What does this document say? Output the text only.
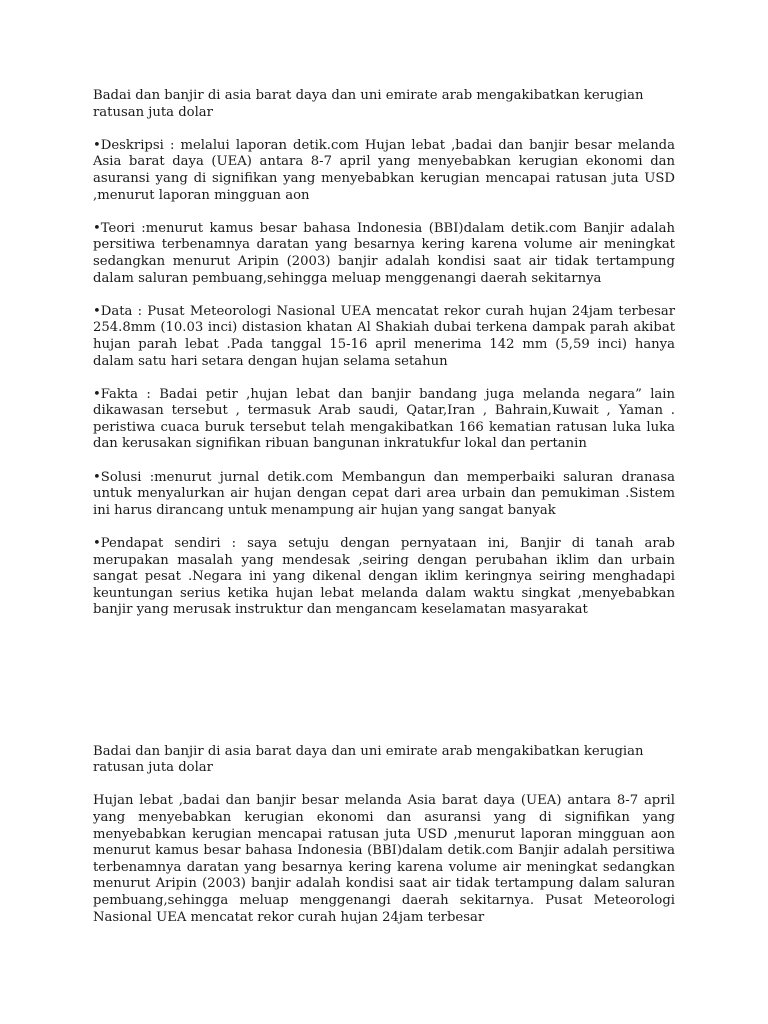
Badai dan banjir di asia barat daya dan uni emirate arab mengakibatkan kerugian ratusan juta dolar

•Deskripsi : melalui laporan detik.com Hujan lebat ,badai dan banjir besar melanda Asia barat daya (UEA) antara 8-7 april yang menyebabkan kerugian ekonomi dan asuransi yang di signifikan yang menyebabkan kerugian mencapai ratusan juta USD ,menurut laporan mingguan aon

•Teori :menurut kamus besar bahasa Indonesia (BBI)dalam detik.com Banjir adalah persitiwa terbenamnya daratan yang besarnya kering karena volume air meningkat sedangkan menurut Aripin (2003) banjir adalah kondisi saat air tidak tertampung dalam saluran pembuang,sehingga meluap menggenangi daerah sekitarnya

•Data : Pusat Meteorologi Nasional UEA mencatat rekor curah hujan 24jam terbesar 254.8mm (10.03 inci) distasion khatan Al Shakiah dubai terkena dampak parah akibat hujan parah lebat .Pada tanggal 15-16 april menerima 142 mm (5,59 inci) hanya dalam satu hari setara dengan hujan selama setahun

•Fakta : Badai petir ,hujan lebat dan banjir bandang juga melanda negara” lain dikawasan tersebut , termasuk Arab saudi, Qatar,Iran , Bahrain,Kuwait , Yaman . peristiwa cuaca buruk tersebut telah mengakibatkan 166 kematian ratusan luka luka dan kerusakan signifikan ribuan bangunan inkratukfur lokal dan pertanin

•Solusi :menurut jurnal detik.com Membangun dan memperbaiki saluran dranasa untuk menyalurkan air hujan dengan cepat dari area urbain dan pemukiman .Sistem ini harus dirancang untuk menampung air hujan yang sangat banyak

•Pendapat sendiri : saya setuju dengan pernyataan ini, Banjir di tanah arab merupakan masalah yang mendesak ,seiring dengan perubahan iklim dan urbain sangat pesat .Negara ini yang dikenal dengan iklim keringnya seiring menghadapi keuntungan serius ketika hujan lebat melanda dalam waktu singkat ,menyebabkan banjir yang merusak instruktur dan mengancam keselamatan masyarakat

Badai dan banjir di asia barat daya dan uni emirate arab mengakibatkan kerugian ratusan juta dolar

Hujan lebat ,badai dan banjir besar melanda Asia barat daya (UEA) antara 8-7 april yang menyebabkan kerugian ekonomi dan asuransi yang di signifikan yang menyebabkan kerugian mencapai ratusan juta USD ,menurut laporan mingguan aon menurut kamus besar bahasa Indonesia (BBI)dalam detik.com Banjir adalah persitiwa terbenamnya daratan yang besarnya kering karena volume air meningkat sedangkan menurut Aripin (2003) banjir adalah kondisi saat air tidak tertampung dalam saluran pembuang,sehingga meluap menggenangi daerah sekitarnya. Pusat Meteorologi Nasional UEA mencatat rekor curah hujan 24jam terbesar
